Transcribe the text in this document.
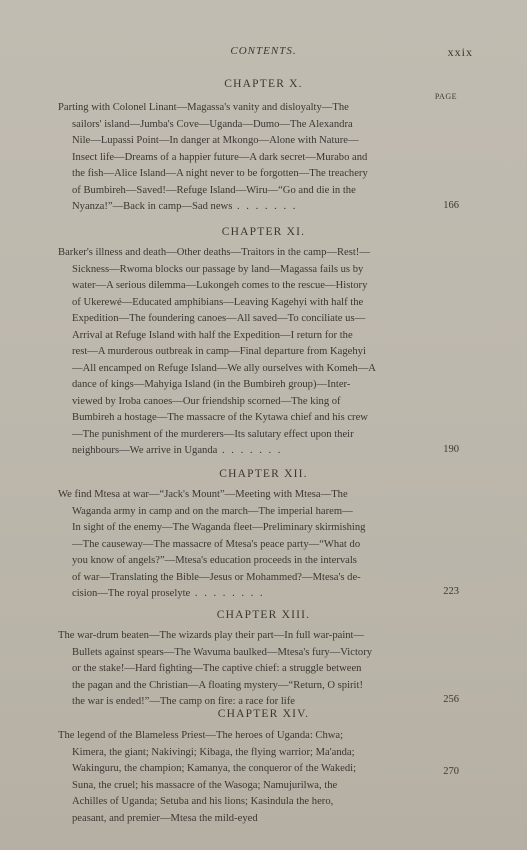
CONTENTS.	xxix
PAGE
CHAPTER X.
Parting with Colonel Linant—Magassa's vanity and disloyalty—The
sailors' island—Jumba's Cove—Uganda—Dumo—The Alexandra
Nile—Lupassi Point—In danger at Mkongo—Alone with Nature—
Insect life—Dreams of a happier future—A dark secret—Murabo and
the fish—Alice Island—A night never to be forgotten—The treachery
of Bumbireh—Saved!—Refuge Island—Wiru—“Go and die in the
Nyanza!”—Back in camp—Sad news . . . . . . .	166
CHAPTER XI.
Barker's illness and death—Other deaths—Traitors in the camp—Rest!—
Sickness—Rwoma blocks our passage by land—Magassa fails us by
water—A serious dilemma—Lukongeh comes to the rescue—History
of Ukerewé—Educated amphibians—Leaving Kagehyi with half the
Expedition—The foundering canoes—All saved—To conciliate us—
Arrival at Refuge Island with half the Expedition—I return for the
rest—A murderous outbreak in camp—Final departure from Kagehyi
—All encamped on Refuge Island—We ally ourselves with Komeh—A
dance of kings—Mahyiga Island (in the Bumbireh group)—Inter-
viewed by Iroba canoes—Our friendship scorned—The king of
Bumbireh a hostage—The massacre of the Kytawa chief and his crew
—The punishment of the murderers—Its salutary effect upon their
neighbours—We arrive in Uganda . . . . . . .	190
CHAPTER XII.
We find Mtesa at war—“Jack's Mount”—Meeting with Mtesa—The
Waganda army in camp and on the march—The imperial harem—
In sight of the enemy—The Waganda fleet—Preliminary skirmishing
—The causeway—The massacre of Mtesa's peace party—“What do
you know of angels?”—Mtesa's education proceeds in the intervals
of war—Translating the Bible—Jesus or Mohammed?—Mtesa's de-
cision—The royal proselyte . . . . . . . .	223
CHAPTER XIII.
The war-drum beaten—The wizards play their part—In full war-paint—
Bullets against spears—The Wavuma baulked—Mtesa's fury—Victory
or the stake!—Hard fighting—The captive chief: a struggle between
the pagan and the Christian—A floating mystery—“Return, O spirit!
the war is ended!”—The camp on fire: a race for life	256
CHAPTER XIV.
The legend of the Blameless Priest—The heroes of Uganda: Chwa;
Kimera, the giant; Nakivingi; Kibaga, the flying warrior; Ma'anda;
Wakinguru, the champion; Kamanya, the conqueror of the Wakedi;
Suna, the cruel; his massacre of the Wasoga; Namujurilwa, the
Achilles of Uganda; Setuba and his lions; Kasindula the hero,
peasant, and premier—Mtesa the mild-eyed
270
